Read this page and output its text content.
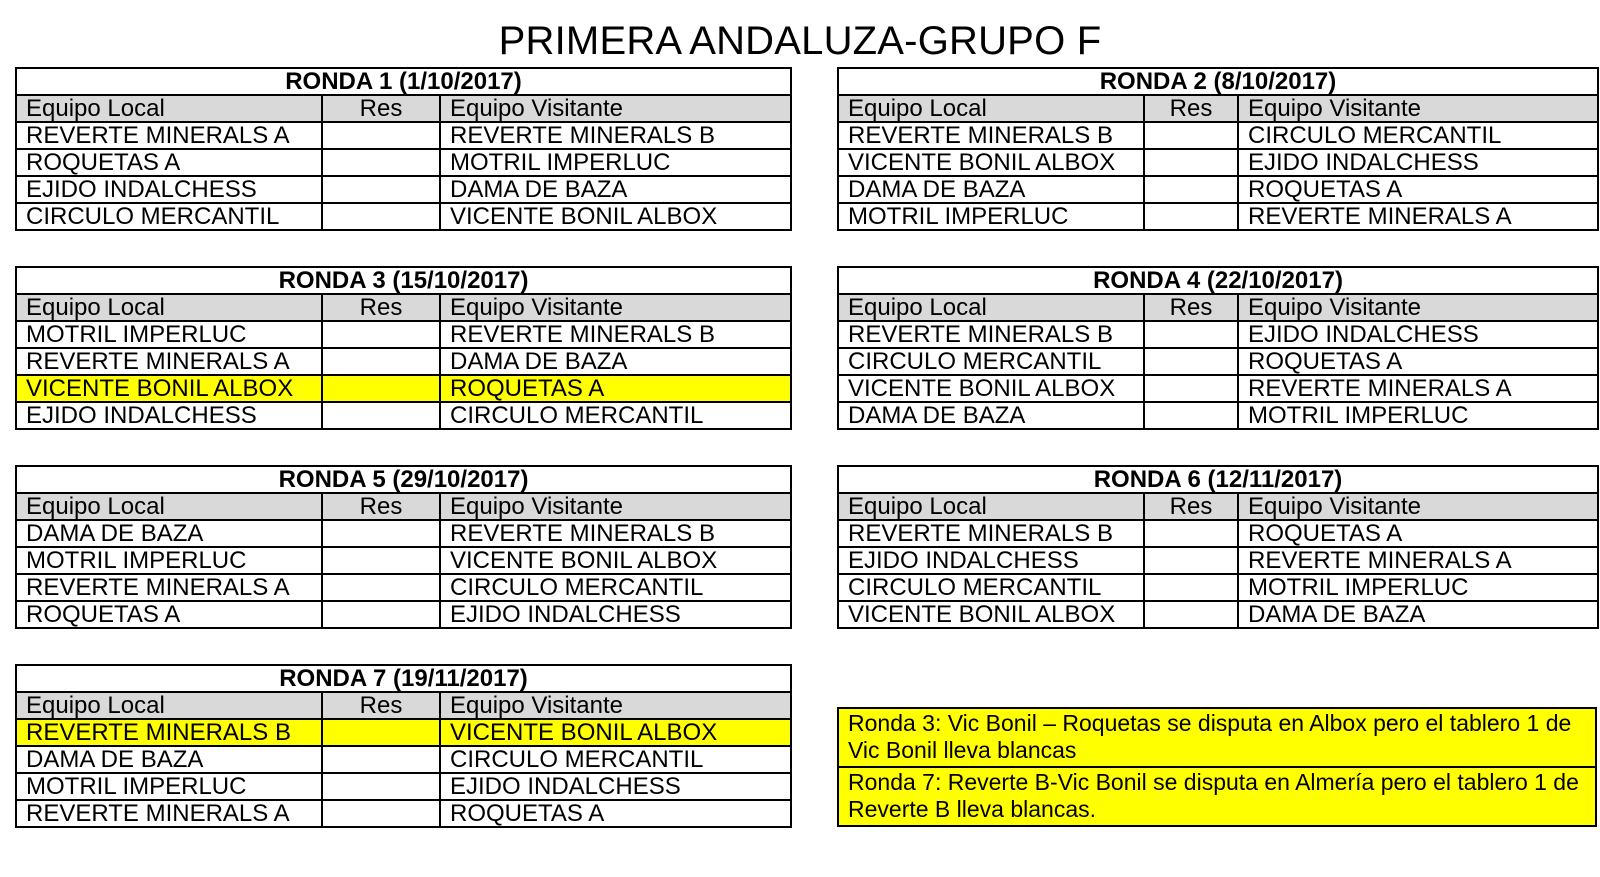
PRIMERA ANDALUZA-GRUPO F
RONDA 1 (1/10/2017)		
Equipo Local	Res	Equipo Visitante
REVERTE MINERALS A		REVERTE MINERALS B
ROQUETAS A		MOTRIL IMPERLUC
EJIDO INDALCHESS		DAMA DE BAZA
CIRCULO MERCANTIL		VICENTE BONIL ALBOX
RONDA 2 (8/10/2017)		
Equipo Local	Res	Equipo Visitante
REVERTE MINERALS B		CIRCULO MERCANTIL
VICENTE BONIL ALBOX		EJIDO INDALCHESS
DAMA DE BAZA		ROQUETAS A
MOTRIL IMPERLUC		REVERTE MINERALS A
RONDA 3 (15/10/2017)		
Equipo Local	Res	Equipo Visitante
MOTRIL IMPERLUC		REVERTE MINERALS B
REVERTE MINERALS A		DAMA DE BAZA
VICENTE BONIL ALBOX		ROQUETAS A
EJIDO INDALCHESS		CIRCULO MERCANTIL
RONDA 4 (22/10/2017)		
Equipo Local	Res	Equipo Visitante
REVERTE MINERALS B		EJIDO INDALCHESS
CIRCULO MERCANTIL		ROQUETAS A
VICENTE BONIL ALBOX		REVERTE MINERALS A
DAMA DE BAZA		MOTRIL IMPERLUC
RONDA 5 (29/10/2017)		
Equipo Local	Res	Equipo Visitante
DAMA DE BAZA		REVERTE MINERALS B
MOTRIL IMPERLUC		VICENTE BONIL ALBOX
REVERTE MINERALS A		CIRCULO MERCANTIL
ROQUETAS A		EJIDO INDALCHESS
RONDA 6 (12/11/2017)		
Equipo Local	Res	Equipo Visitante
REVERTE MINERALS B		ROQUETAS A
EJIDO INDALCHESS		REVERTE MINERALS A
CIRCULO MERCANTIL		MOTRIL IMPERLUC
VICENTE BONIL ALBOX		DAMA DE BAZA
RONDA 7 (19/11/2017)		
Equipo Local	Res	Equipo Visitante
REVERTE MINERALS B		VICENTE BONIL ALBOX
DAMA DE BAZA		CIRCULO MERCANTIL
MOTRIL IMPERLUC		EJIDO INDALCHESS
REVERTE MINERALS A		ROQUETAS A
Ronda 3: Vic Bonil – Roquetas se disputa en Albox pero el tablero 1 de Vic Bonil lleva blancas
Ronda 7: Reverte B-Vic Bonil se disputa en Almería pero el tablero 1 de Reverte B lleva blancas.
